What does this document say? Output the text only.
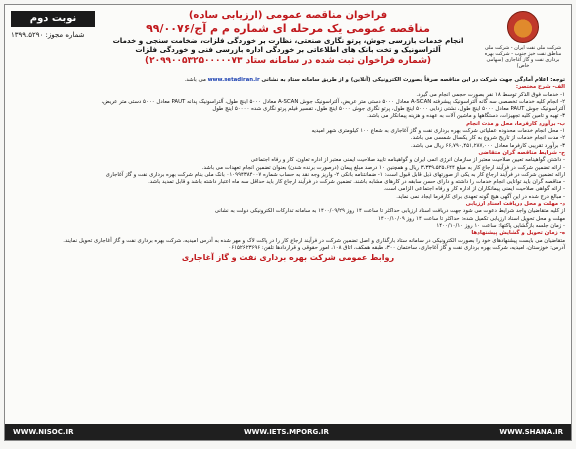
شرکت ملی نفت ایران - شرکت ملی مناطق نفت خیز جنوب - شرکت بهره برداری نفت و گاز آغاجاری (سهامی خاص)
فراخوان مناقصه عمومی (ارزیابی ساده)
مناقصه عمومی یک مرحله ای شماره م م آج/۹۹/۰۰۷۶
انجام خدمات بازرسی جوش، پرتو نگاری صنعتی، نظارت بر خوردگی فلزات، ضخامت سنجی و خدمات آلتراسونیک و تخت بانک های اطلاعاتی بر خوردگی اداره بازرسی فنی و خوردگی فلزات
(شماره فراخوان ثبت شده در سامانه ستاد ۲۰۹۹۰۰۵۳۲۵۰۰۰۰۰۷۳)
نوبت دوم
شماره مجوز: ۱۳۹۹.۵۲۹۰

توجه: اعلام آمادگی جهت شرکت در این مناقصه صرفاً بصورت الکترونیکی (آنلاین) و از طریق سامانه ستاد به نشانی www.setadiran.ir می باشد.

الف- شرح مختصر:

۱- خدمات فوق الذکر توسط ۱۸ نفر بصورت حجمی انجام می گیرد.

۲- انجام کلیه خدمات تخصصی سه گانه آلتراسونیک پیشرفته A-SCAN معادل ۵۰۰۰ دستی متر عریض، آلتراسونیک جوش A-SCAN معادل ۵۰۰۰ اینچ طول، آلتراسونیک پدانه PAUT معادل ۵۰۰۰ دستی متر عریض،

آلتراسونیک جوش PAUT معادل ۵۰۰۰ اینچ طول، نشتی زدایی ۵۰۰۰ اینچ طول، پرتو نگاری جوش ۵۰۰۰ اینچ طول، تفسیر فیلم پرتو نگاری شده ۵۰۰۰۰ اینچ طول

۳- تهیه و تامین کلیه تجهیزات، دستگاهها و ماشین آلات به عهده و هزینه پیمانکار می باشد.

ب- برآورد کارفرما، محل و مدت انجام

۱- محل انجام خدمات محدوده عملیاتی شرکت بهره برداری نفت و گاز آغاجاری به شعاع ۱۰۰ کیلومتری شهر امیدیه

۲- مدت انجام خدمات از تاریخ شروع به کار یکسال شمسی می باشد.

۳- برآورد تقریبی کارفرما معادل ۶۶,۷۹۰,۴۵۱,۲۸۷,۰۰۰ ریال می باشد.

ج- شرایط مناقصه گران متقاضی

- داشتن گواهینامه تعیین صلاحیت معتبر از سازمان انرژی اتمی ایران و گواهینامه تایید صلاحیت ایمنی معتبر از اداره تعاون، کار و رفاه اجتماعی

- ارائه تضمین شرکت در فرآیند ارجاع کار به مبلغ ۳،۳۳۹،۵۲۵،۶۴۴ ریال و همچنین ۱۰ درصد مبلغ پیمان (درصورت برنده شدن) بعنوان تضمین انجام تعهدات می باشد.

ارائه تضمین شرکت در فرآیند ارجاع کار به یکی از صورتهای ذیل قابل قبول است: ۱- ضمانتنامه بانکی ۲- واریز وجه نقد به حساب شماره ۰۱۰۹۹۴۳۸۴۰۰۷ بانک ملی بنام شرکت بهره برداری نفت و گاز آغاجاری

- مناقصه گران باید توانایی انجام خدمات را داشته و دارای حسن سابقه در کارهای مشابه باشند. تضمین شرکت در فرآیند ارجاع کار باید حداقل سه ماه اعتبار داشته باشد و قابل تمدید باشد.

- ارائه گواهی صلاحیت ایمنی پیمانکاران از اداره کار و رفاه اجتماعی الزامی است.

- مبالغ درج شده در این آگهی هیچ گونه تعهدی برای کارفرما ایجاد نمی نماید.

د- مهلت و محل دریافت اسناد ارزیابی

از کلیه متقاضیان واجد شرایط دعوت می شود جهت دریافت اسناد ارزیابی حداکثر تا ساعت ۱۴ روز ۱۴۰۰/۰۹/۲۹ به سامانه تدارکات الکترونیکی دولت به نشانی

مهلت و محل تحویل اسناد ارزیابی تکمیل شده: حداکثر تا ساعت ۱۴ روز ۱۴۰۰/۱۰/۰۹

- زمان جلسه بازگشایی پاکتها: ساعت ۱۰ روز ۱۴۰۰/۱۰/۱۰

ه- زمان تحویل و گشایش پیشنهادها

متقاضیان می بایست پیشنهادهای خود را بصورت الکترونیکی در سامانه ستاد بارگذاری و اصل تضمین شرکت در فرآیند ارجاع کار را در پاکت لاک و مهر شده به آدرس امیدیه، شرکت بهره برداری نفت و گاز آغاجاری تحویل نمایند.

آدرس: خوزستان، امیدیه، شرکت بهره برداری نفت و گاز آغاجاری، ساختمان ۳۰۰، طبقه همکف، اتاق ۱۰۸، امور حقوقی و قراردادها تلفن: ۰۶۱۵۲۶۲۳۶۹۶

روابط عمومی شرکت بهره برداری نفت و گاز آغاجاری
WWW.NISOC.IR	WWW.IETS.MPORG.IR	WWW.SHANA.IR
